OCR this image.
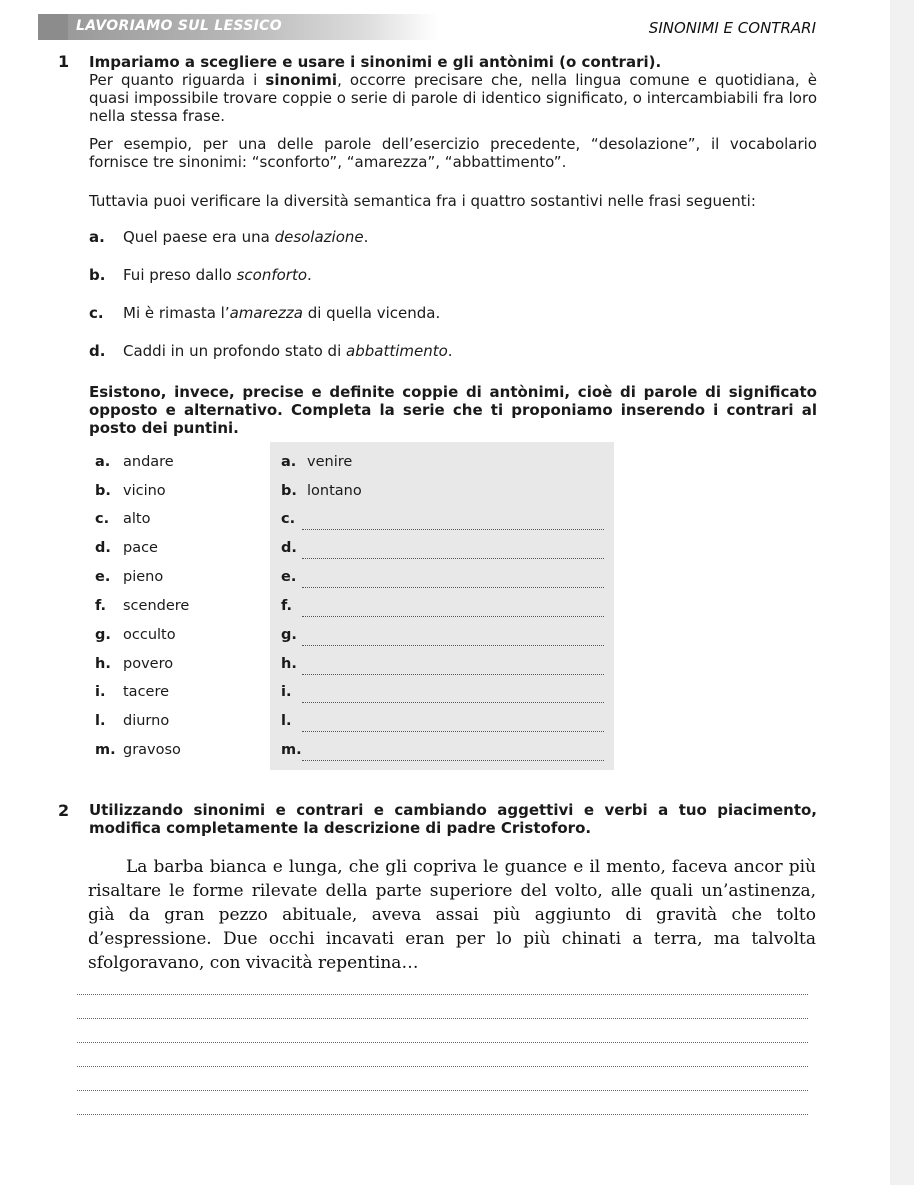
LAVORIAMO SUL LESSICO	SINONIMI E CONTRARI
1 Impariamo a scegliere e usare i sinonimi e gli antònimi (o contrari).
Per quanto riguarda i sinonimi, occorre precisare che, nella lingua comune e quotidiana, è quasi impossibile trovare coppie o serie di parole di identico significato, o intercambiabili fra loro nella stessa frase.
Per esempio, per una delle parole dell’esercizio precedente, “desolazione”, il vocabolario fornisce tre sinonimi: “sconforto”, “amarezza”, “abbattimento”.
Tuttavia puoi verificare la diversità semantica fra i quattro sostantivi nelle frasi seguenti:
a. Quel paese era una desolazione.
b. Fui preso dallo sconforto.
c. Mi è rimasta l’amarezza di quella vicenda.
d. Caddi in un profondo stato di abbattimento.
Esistono, invece, precise e definite coppie di antònimi, cioè di parole di significato opposto e alternativo. Completa la serie che ti proponiamo inserendo i contrari al posto dei puntini.
a. andare
b. vicino
c. alto
d. pace
e. pieno
f. scendere
g. occulto
h. povero
i. tacere
l. diurno
m. gravoso
a. venire
b. lontano
c.
d.
e.
f.
g.
h.
i.
l.
m.
2 Utilizzando sinonimi e contrari e cambiando aggettivi e verbi a tuo piacimento, modifica completamente la descrizione di padre Cristoforo.

La barba bianca e lunga, che gli copriva le guance e il mento, faceva ancor più risaltare le forme rilevate della parte superiore del volto, alle quali un’astinenza, già da gran pezzo abituale, aveva assai più aggiunto di gravità che tolto d’espressione. Due occhi incavati eran per lo più chinati a terra, ma talvolta sfolgoravano, con vivacità repentina…
